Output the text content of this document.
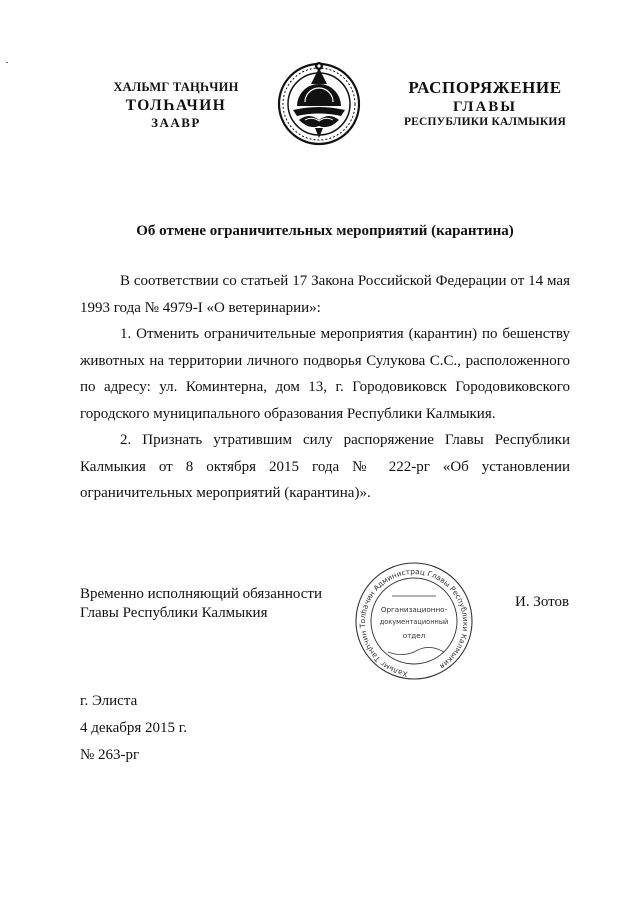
ХАЛЬМГ ТАҢҺЧИН
ТОЛҺАЧИН
ЗААВР
РАСПОРЯЖЕНИЕ
ГЛАВЫ
РЕСПУБЛИКИ КАЛМЫКИЯ
Об отмене ограничительных мероприятий (карантина)

В соответствии со статьей 17 Закона Российской Федерации от 14 мая 1993 года № 4979-I «О ветеринарии»:

1. Отменить ограничительные мероприятия (карантин) по бешенству животных на территории личного подворья Сулукова С.С., расположенного по адресу: ул. Коминтерна, дом 13, г. Городовиковск Городовиковского городского муниципального образования Республики Калмыкия.

2. Признать утратившим силу распоряжение Главы Республики Калмыкия от 8 октября 2015 года № 222-рг «Об установлении ограничительных мероприятий (карантина)».

Временно исполняющий обязанности
Главы Республики Калмыкия
Хальмг Таңһчин Толһачин Администрац Главы Республики Калмыкия
Организационно-
документационный
отдел
И. Зотов
г. Элиста
4 декабря 2015 г.
№ 263-рг
